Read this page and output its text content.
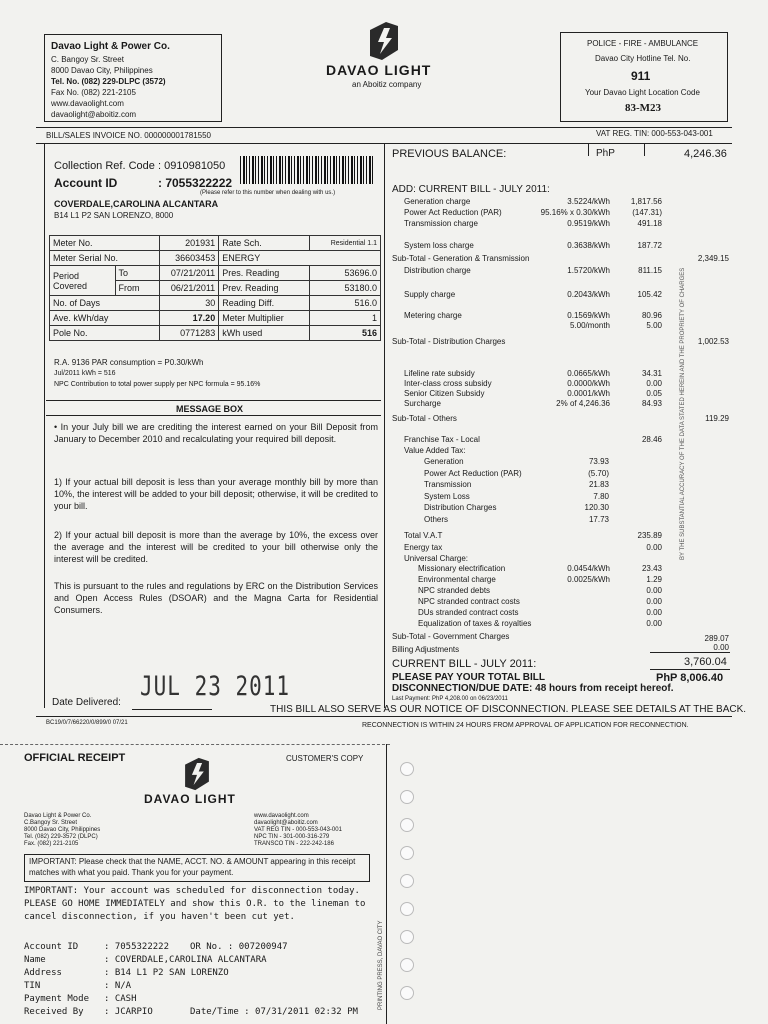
Davao Light & Power Co.
C. Bangoy Sr. Street
8000 Davao City, Philippines
Tel. No. (082) 229-DLPC (3572)
Fax No. (082) 221-2105
www.davaolight.com
davaolight@aboitiz.com
DAVAO LIGHT
an Aboitiz company
POLICE - FIRE - AMBULANCE
Davao City Hotline Tel. No.
911
Your Davao Light Location Code
83-M23
BILL/SALES INVOICE NO. 000000001781550	VAT REG. TIN: 000-553-043-001
Collection Ref. Code : 0910981050
Account ID	: 7055322222
(Please refer to this number when dealing with us.)
COVERDALE,CAROLINA ALCANTARA
B14 L1 P2 SAN LORENZO, 8000
Meter No.		201931	Rate Sch.	Residential 1.1
Meter Serial No.		36603453	ENERGY	
Period
Covered	To	07/21/2011	Pres. Reading	53696.0
	From	06/21/2011	Prev. Reading	53180.0
No. of Days		30	Reading Diff.	516.0
Ave. kWh/day		17.20	Meter Multiplier	1
Pole No.		0771283	kWh used	516
R.A. 9136 PAR consumption = P0.30/kWh
Jul/2011 kWh = 516
NPC Contribution to total power supply per NPC formula = 95.16%
MESSAGE BOX
• In your July bill we are crediting the interest earned on your Bill Deposit from January to December 2010 and recalculating your required bill deposit.
1) If your actual bill deposit is less than your average monthly bill by more than 10%, the interest will be added to your bill deposit; otherwise, it will be credited to your bill.
2) If your actual bill deposit is more than the average by 10%, the excess over the average and the interest will be credited to your bill otherwise only the interest will be credited.
This is pursuant to the rules and regulations by ERC on the Distribution Services and Open Access Rules (DSOAR) and the Magna Carta for Residential Consumers.
JUL 23 2011
Date Delivered:
PREVIOUS BALANCE:	PhP	4,246.36
ADD: CURRENT BILL - JULY 2011:
Generation charge	3.5224/kWh	1,817.56
Power Act Reduction (PAR)	95.16% x 0.30/kWh	(147.31)
Transmission charge	0.9519/kWh	491.18
System loss charge	0.3638/kWh	187.72
Sub-Total - Generation & Transmission	2,349.15
Distribution charge	1.5720/kWh	811.15
Supply charge	0.2043/kWh	105.42
Metering charge	0.1569/kWh	80.96
5.00/month	5.00
Sub-Total - Distribution Charges	1,002.53
Lifeline rate subsidy	0.0665/kWh	34.31
Inter-class cross subsidy	0.0000/kWh	0.00
Senior Citizen Subsidy	0.0001/kWh	0.05
Surcharge	2% of 4,246.36	84.93
Sub-Total - Others	119.29
Franchise Tax - Local	28.46
Value Added Tax:
Generation	73.93
Power Act Reduction (PAR)	(5.70)
Transmission	21.83
System Loss	7.80
Distribution Charges	120.30
Others	17.73
Total V.A.T	235.89
Energy tax	0.00
Universal Charge:
Missionary electrification	0.0454/kWh	23.43
Environmental charge	0.0025/kWh	1.29
NPC stranded debts	0.00
NPC stranded contract costs	0.00
DUs stranded contract costs	0.00
Equalization of taxes & royalties	0.00
Sub-Total - Government Charges	289.07
Billing Adjustments	0.00
CURRENT BILL - JULY 2011:	3,760.04
PLEASE PAY YOUR TOTAL BILL	PhP 8,006.40
DISCONNECTION/DUE DATE: 48 hours from receipt hereof.
Last Payment: PhP 4,208.00 on 06/23/2011
THIS BILL ALSO SERVE AS OUR NOTICE OF DISCONNECTION. PLEASE SEE DETAILS AT THE BACK.
BC19/0/7/66220/0/899/0 07/21	RECONNECTION IS WITHIN 24 HOURS FROM APPROVAL OF APPLICATION FOR RECONNECTION.
BY THE SUBSTANTIAL ACCURACY OF THE DATA STATED HEREIN AND THE PROPRIETY OF CHARGES
OFFICIAL RECEIPT	CUSTOMER'S COPY
DAVAO LIGHT
Davao Light & Power Co.
C.Bangoy Sr. Street
8000 Davao City, Philippines
Tel. (082) 229-3572 (DLPC)
Fax. (082) 221-2105
www.davaolight.com
davaolight@aboitiz.com
VAT REG TIN - 000-553-043-001
NPC TIN - 301-000-316-279
TRANSCO TIN - 222-242-186
IMPORTANT: Please check that the NAME, ACCT. NO. & AMOUNT appearing in this receipt matches with what you paid. Thank you for your payment.
IMPORTANT: Your account was scheduled for disconnection today.
PLEASE GO HOME IMMEDIATELY and show this O.R. to the lineman to
cancel disconnection, if you haven't been cut yet.
Account ID	: 7055322222 OR No. : 007200947
Name	: COVERDALE,CAROLINA ALCANTARA
Address	: B14 L1 P2 SAN LORENZO
TIN	: N/A
Payment Mode : CASH
Received By : JCARPIO	Date/Time : 07/31/2011 02:32 PM
PRINTING PRESS, DAVAO CITY
